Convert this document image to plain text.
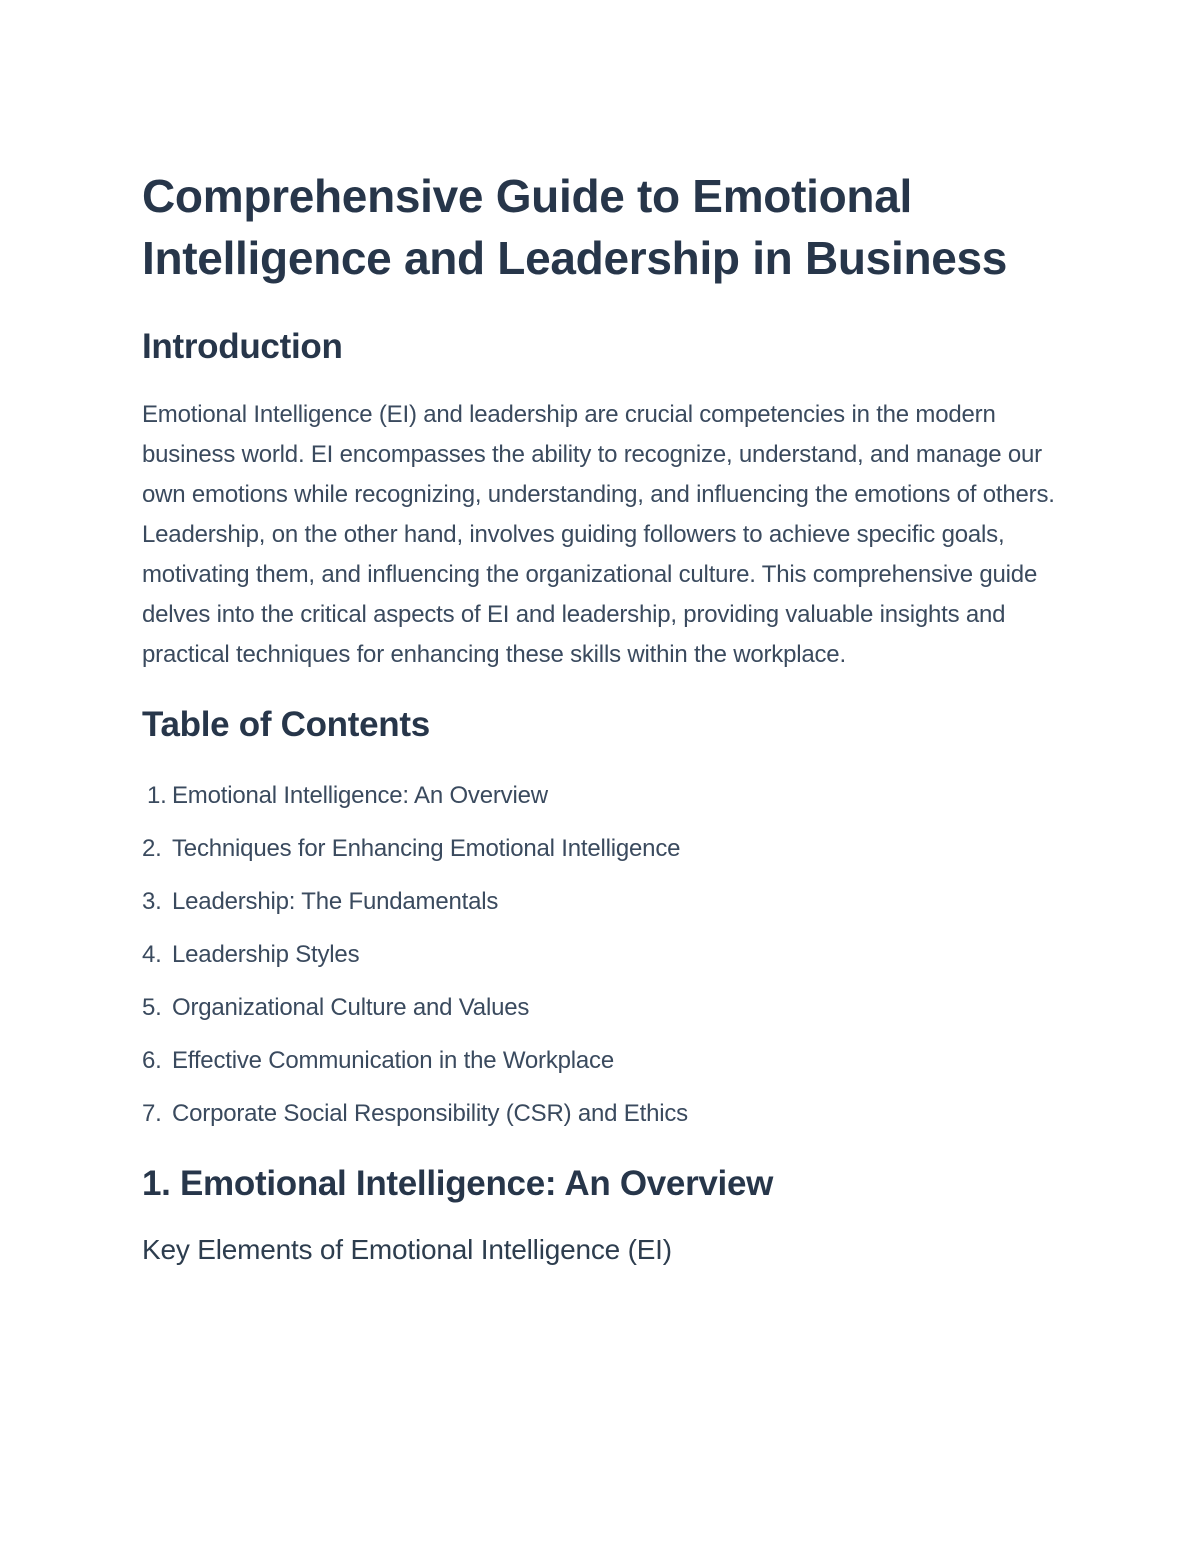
Comprehensive Guide to Emotional Intelligence and Leadership in Business
Introduction

Emotional Intelligence (EI) and leadership are crucial competencies in the modern business world. EI encompasses the ability to recognize, understand, and manage our own emotions while recognizing, understanding, and influencing the emotions of others. Leadership, on the other hand, involves guiding followers to achieve specific goals, motivating them, and influencing the organizational culture. This comprehensive guide delves into the critical aspects of EI and leadership, providing valuable insights and practical techniques for enhancing these skills within the workplace.

Table of Contents
1. Emotional Intelligence: An Overview
2. Techniques for Enhancing Emotional Intelligence
3. Leadership: The Fundamentals
4. Leadership Styles
5. Organizational Culture and Values
6. Effective Communication in the Workplace
7. Corporate Social Responsibility (CSR) and Ethics
1. Emotional Intelligence: An Overview

Key Elements of Emotional Intelligence (EI)
